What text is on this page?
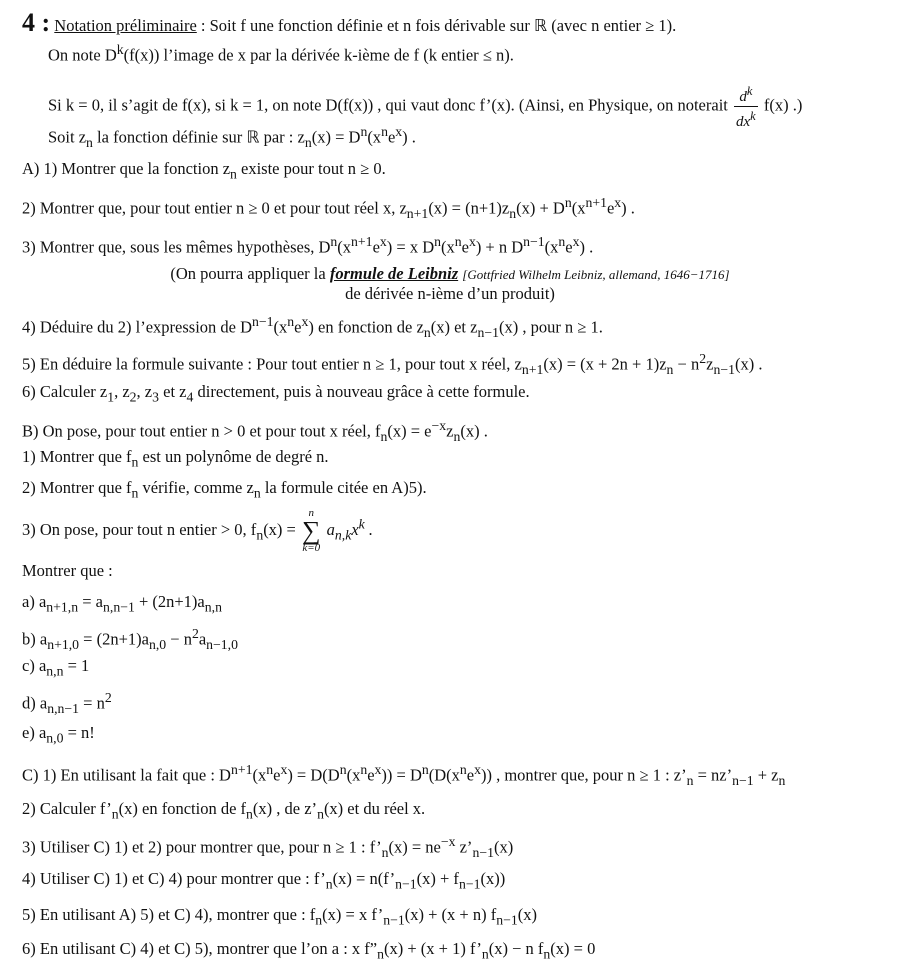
4 : Notation préliminaire : Soit f une fonction définie et n fois dérivable sur ℝ (avec n entier ≥ 1).
On note $D^k(f(x))$ l’image de x par la dérivée k-ième de f (k entier ≤ n).
Si k = 0, il s’agit de f(x), si k = 1, on note D(f(x)) , qui vaut donc f’(x). (Ainsi, en Physique, on noterait $\frac{d^k}{dx^k} f(x)$ .)
Soit $z_n$ la fonction définie sur ℝ par : $z_n(x) = D^n(x^ne^x)$ .
A) 1) Montrer que la fonction $z_n$ existe pour tout n ≥ 0.
2) Montrer que, pour tout entier n ≥ 0 et pour tout réel x, $z_{n+1}(x) = (n+1)z_n(x) + D^n(x^{n+1}e^x)$ .
3) Montrer que, sous les mêmes hypothèses, $D^n(x^{n+1}e^x) = x$ $D^n(x^ne^x) + n$ $D^{n-1}(x^ne^x)$ .
(On pourra appliquer la formule de Leibniz [Gottfried Wilhelm Leibniz, allemand, 1646−1716]
de dérivée n-ième d’un produit)
4) Déduire du 2) l’expression de $D^{n-1}(x^ne^x)$ en fonction de $z_n(x)$ et $z_{n-1}(x)$ , pour n ≥ 1.
5) En déduire la formule suivante : Pour tout entier n ≥ 1, pour tout x réel, $z_{n+1}(x) = (x + 2n + 1)z_n - n^2z_{n-1}(x)$ .
6) Calculer $z_1$, $z_2$, $z_3$ et $z_4$ directement, puis à nouveau grâce à cette formule.
B) On pose, pour tout entier n > 0 et pour tout x réel, $f_n(x) = e^{-x}z_n(x)$ .
1) Montrer que $f_n$ est un polynôme de degré n.
2) Montrer que $f_n$ vérifie, comme $z_n$ la formule citée en A)5).
3) On pose, pour tout n entier > 0, $f_n(x)$ =
n
∑
k=0
$a_{n,k}x^k$ .
Montrer que :
a) $a_{n+1,n} = a_{n,n-1} + (2n+1)a_{n,n}$
b) $a_{n+1,0} = (2n+1)a_{n,0} - n^2a_{n-1,0}$
c) $a_{n,n} = 1$
d) $a_{n,n-1} = n^2$
e) $a_{n,0} = n$!
C) 1) En utilisant la fait que : $D^{n+1}(x^ne^x) = D(D^n(x^ne^x)) = D^n(D(x^ne^x))$ , montrer que, pour n ≥ 1 : $z’_n$ = $nz’_{n-1} + z_n$
2) Calculer $f’_n(x)$ en fonction de $f_n(x)$ , de $z’_n(x)$ et du réel x.
3) Utiliser C) 1) et 2) pour montrer que, pour n ≥ 1 : $f’_n(x) = ne^{-x}$ $z’_{n-1}(x)$
4) Utiliser C) 1) et C) 4) pour montrer que : $f’_n(x)$ = $n(f’_{n-1}(x) + f_{n-1}(x))$
5) En utilisant A) 5) et C) 4), montrer que : $f_n(x) = x$ $f’_{n-1}(x) + (x + n)$ $f_{n-1}(x)$
6) En utilisant C) 4) et C) 5), montrer que l’on a : x $f”_n(x) + (x + 1)$ $f’_n(x) - n$ $f_n(x) = 0$
